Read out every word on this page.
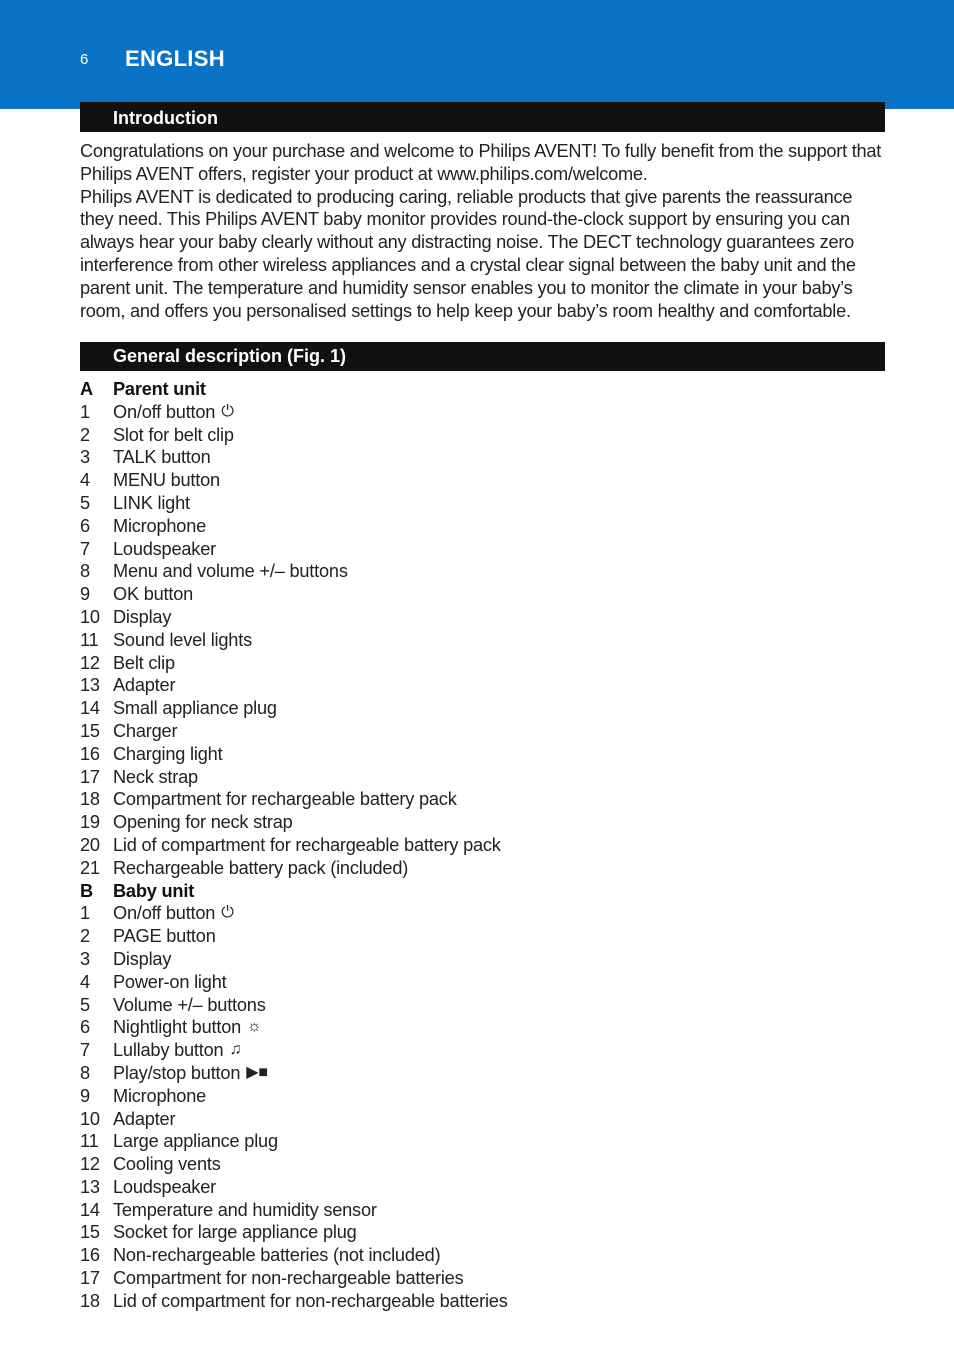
6 ENGLISH
Introduction

Congratulations on your purchase and welcome to Philips AVENT! To fully benefit from the support that Philips AVENT offers, register your product at www.philips.com/welcome.

Philips AVENT is dedicated to producing caring, reliable products that give parents the reassurance they need. This Philips AVENT baby monitor provides round-the-clock support by ensuring you can always hear your baby clearly without any distracting noise. The DECT technology guarantees zero interference from other wireless appliances and a crystal clear signal between the baby unit and the parent unit. The temperature and humidity sensor enables you to monitor the climate in your baby’s room, and offers you personalised settings to help keep your baby’s room healthy and comfortable.

General description (Fig. 1)
A	Parent unit
1	On/off button ⏻
2	Slot for belt clip
3	TALK button
4	MENU button
5	LINK light
6	Microphone
7	Loudspeaker
8	Menu and volume +/– buttons
9	OK button
10 Display
11 Sound level lights
12 Belt clip
13 Adapter
14 Small appliance plug
15 Charger
16 Charging light
17 Neck strap
18 Compartment for rechargeable battery pack
19 Opening for neck strap
20 Lid of compartment for rechargeable battery pack
21 Rechargeable battery pack (included)
B	Baby unit
1	On/off button ⏻
2	PAGE button
3	Display
4	Power-on light
5	Volume +/– buttons
6	Nightlight button ☼
7	Lullaby button ♫
8	Play/stop button ▶■
9	Microphone
10 Adapter
11 Large appliance plug
12 Cooling vents
13 Loudspeaker
14 Temperature and humidity sensor
15 Socket for large appliance plug
16 Non-rechargeable batteries (not included)
17 Compartment for non-rechargeable batteries
18 Lid of compartment for non-rechargeable batteries
